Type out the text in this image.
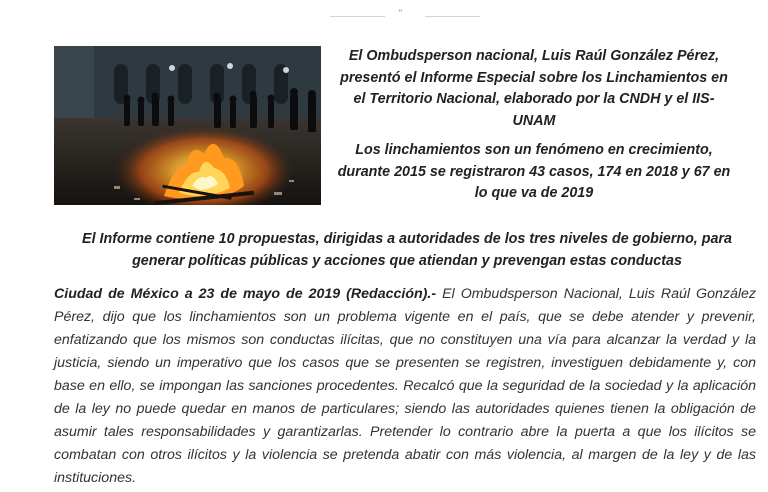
“

El Ombudsperson nacional, Luis Raúl González Pérez, presentó el Informe Especial sobre los Linchamientos en el Territorio Nacional, elaborado por la CNDH y el IIS-UNAM

Los linchamientos son un fenómeno en crecimiento, durante 2015 se registraron 43 casos, 174 en 2018 y 67 en lo que va de 2019

El Informe contiene 10 propuestas, dirigidas a autoridades de los tres niveles de gobierno, para generar políticas públicas y acciones que atiendan y prevengan estas conductas
Ciudad de México a 23 de mayo de 2019 (Redacción).- El Ombudsperson Nacional, Luis Raúl González Pérez, dijo que los linchamientos son un problema vigente en el país, que se debe atender y prevenir, enfatizando que los mismos son conductas ilícitas, que no constituyen una vía para alcanzar la verdad y la justicia, siendo un imperativo que los casos que se presenten se registren, investiguen debidamente y, con base en ello, se impongan las sanciones procedentes. Recalcó que la seguridad de la sociedad y la aplicación de la ley no puede quedar en manos de particulares; siendo las autoridades quienes tienen la obligación de asumir tales responsabilidades y garantizarlas. Pretender lo contrario abre la puerta a que los ilícitos se combatan con otros ilícitos y la violencia se pretenda abatir con más violencia, al margen de la ley y de las instituciones.
